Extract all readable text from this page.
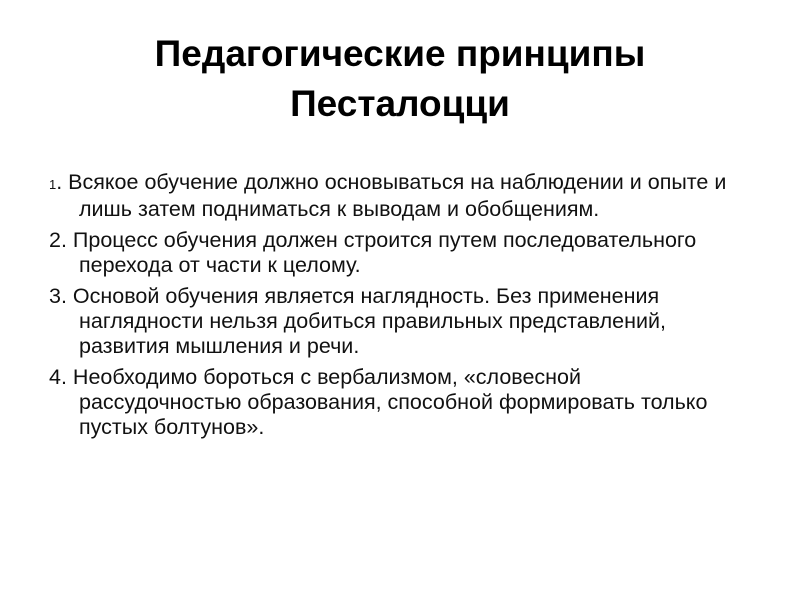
Педагогические принципы
Песталоцци
1. Всякое обучение должно основываться на наблюдении и опыте и лишь затем подниматься к выводам и обобщениям.
2. Процесс обучения должен строится путем последовательного перехода от части к целому.
3. Основой обучения является наглядность. Без применения наглядности нельзя добиться правильных представлений, развития мышления и речи.
4. Необходимо бороться с вербализмом, «словесной рассудочностью образования, способной формировать только пустых болтунов».
